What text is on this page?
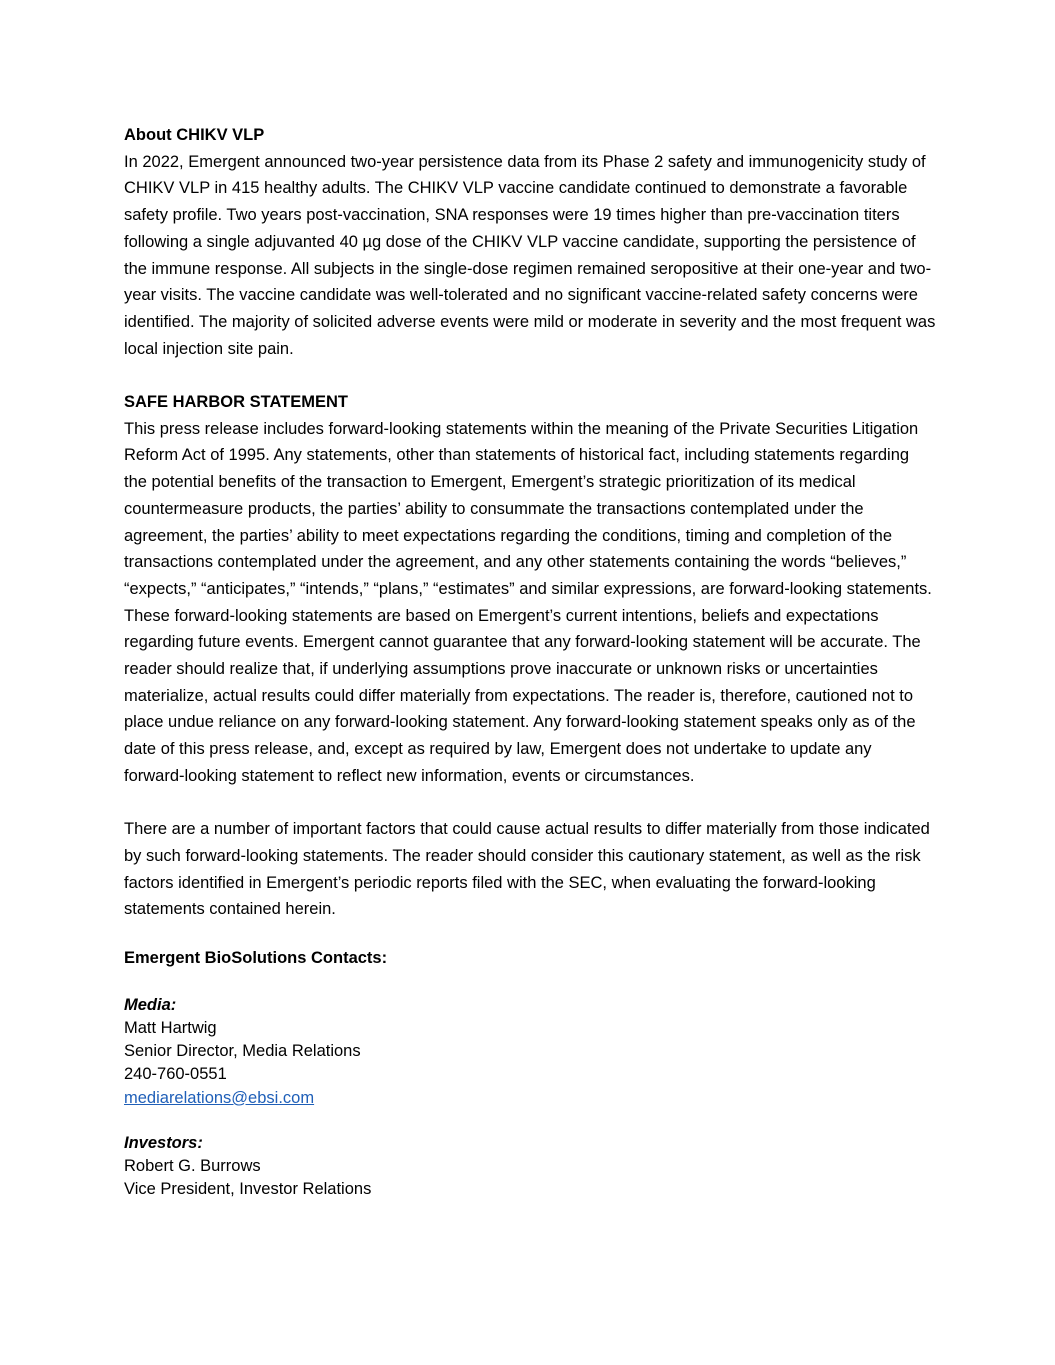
About CHIKV VLP

In 2022, Emergent announced two-year persistence data from its Phase 2 safety and immunogenicity study of CHIKV VLP in 415 healthy adults. The CHIKV VLP vaccine candidate continued to demonstrate a favorable safety profile. Two years post-vaccination, SNA responses were 19 times higher than pre-vaccination titers following a single adjuvanted 40 µg dose of the CHIKV VLP vaccine candidate, supporting the persistence of the immune response. All subjects in the single-dose regimen remained seropositive at their one-year and two-year visits. The vaccine candidate was well-tolerated and no significant vaccine-related safety concerns were identified. The majority of solicited adverse events were mild or moderate in severity and the most frequent was local injection site pain.

SAFE HARBOR STATEMENT

This press release includes forward-looking statements within the meaning of the Private Securities Litigation Reform Act of 1995. Any statements, other than statements of historical fact, including statements regarding the potential benefits of the transaction to Emergent, Emergent’s strategic prioritization of its medical countermeasure products, the parties’ ability to consummate the transactions contemplated under the agreement, the parties’ ability to meet expectations regarding the conditions, timing and completion of the transactions contemplated under the agreement, and any other statements containing the words “believes,” “expects,” “anticipates,” “intends,” “plans,” “estimates” and similar expressions, are forward-looking statements. These forward-looking statements are based on Emergent’s current intentions, beliefs and expectations regarding future events. Emergent cannot guarantee that any forward-looking statement will be accurate. The reader should realize that, if underlying assumptions prove inaccurate or unknown risks or uncertainties materialize, actual results could differ materially from expectations. The reader is, therefore, cautioned not to place undue reliance on any forward-looking statement. Any forward-looking statement speaks only as of the date of this press release, and, except as required by law, Emergent does not undertake to update any forward-looking statement to reflect new information, events or circumstances.

There are a number of important factors that could cause actual results to differ materially from those indicated by such forward-looking statements. The reader should consider this cautionary statement, as well as the risk factors identified in Emergent’s periodic reports filed with the SEC, when evaluating the forward-looking statements contained herein.

Emergent BioSolutions Contacts:

Media:
Matt Hartwig
Senior Director, Media Relations
240-760-0551
mediarelations@ebsi.com
Investors:
Robert G. Burrows
Vice President, Investor Relations
